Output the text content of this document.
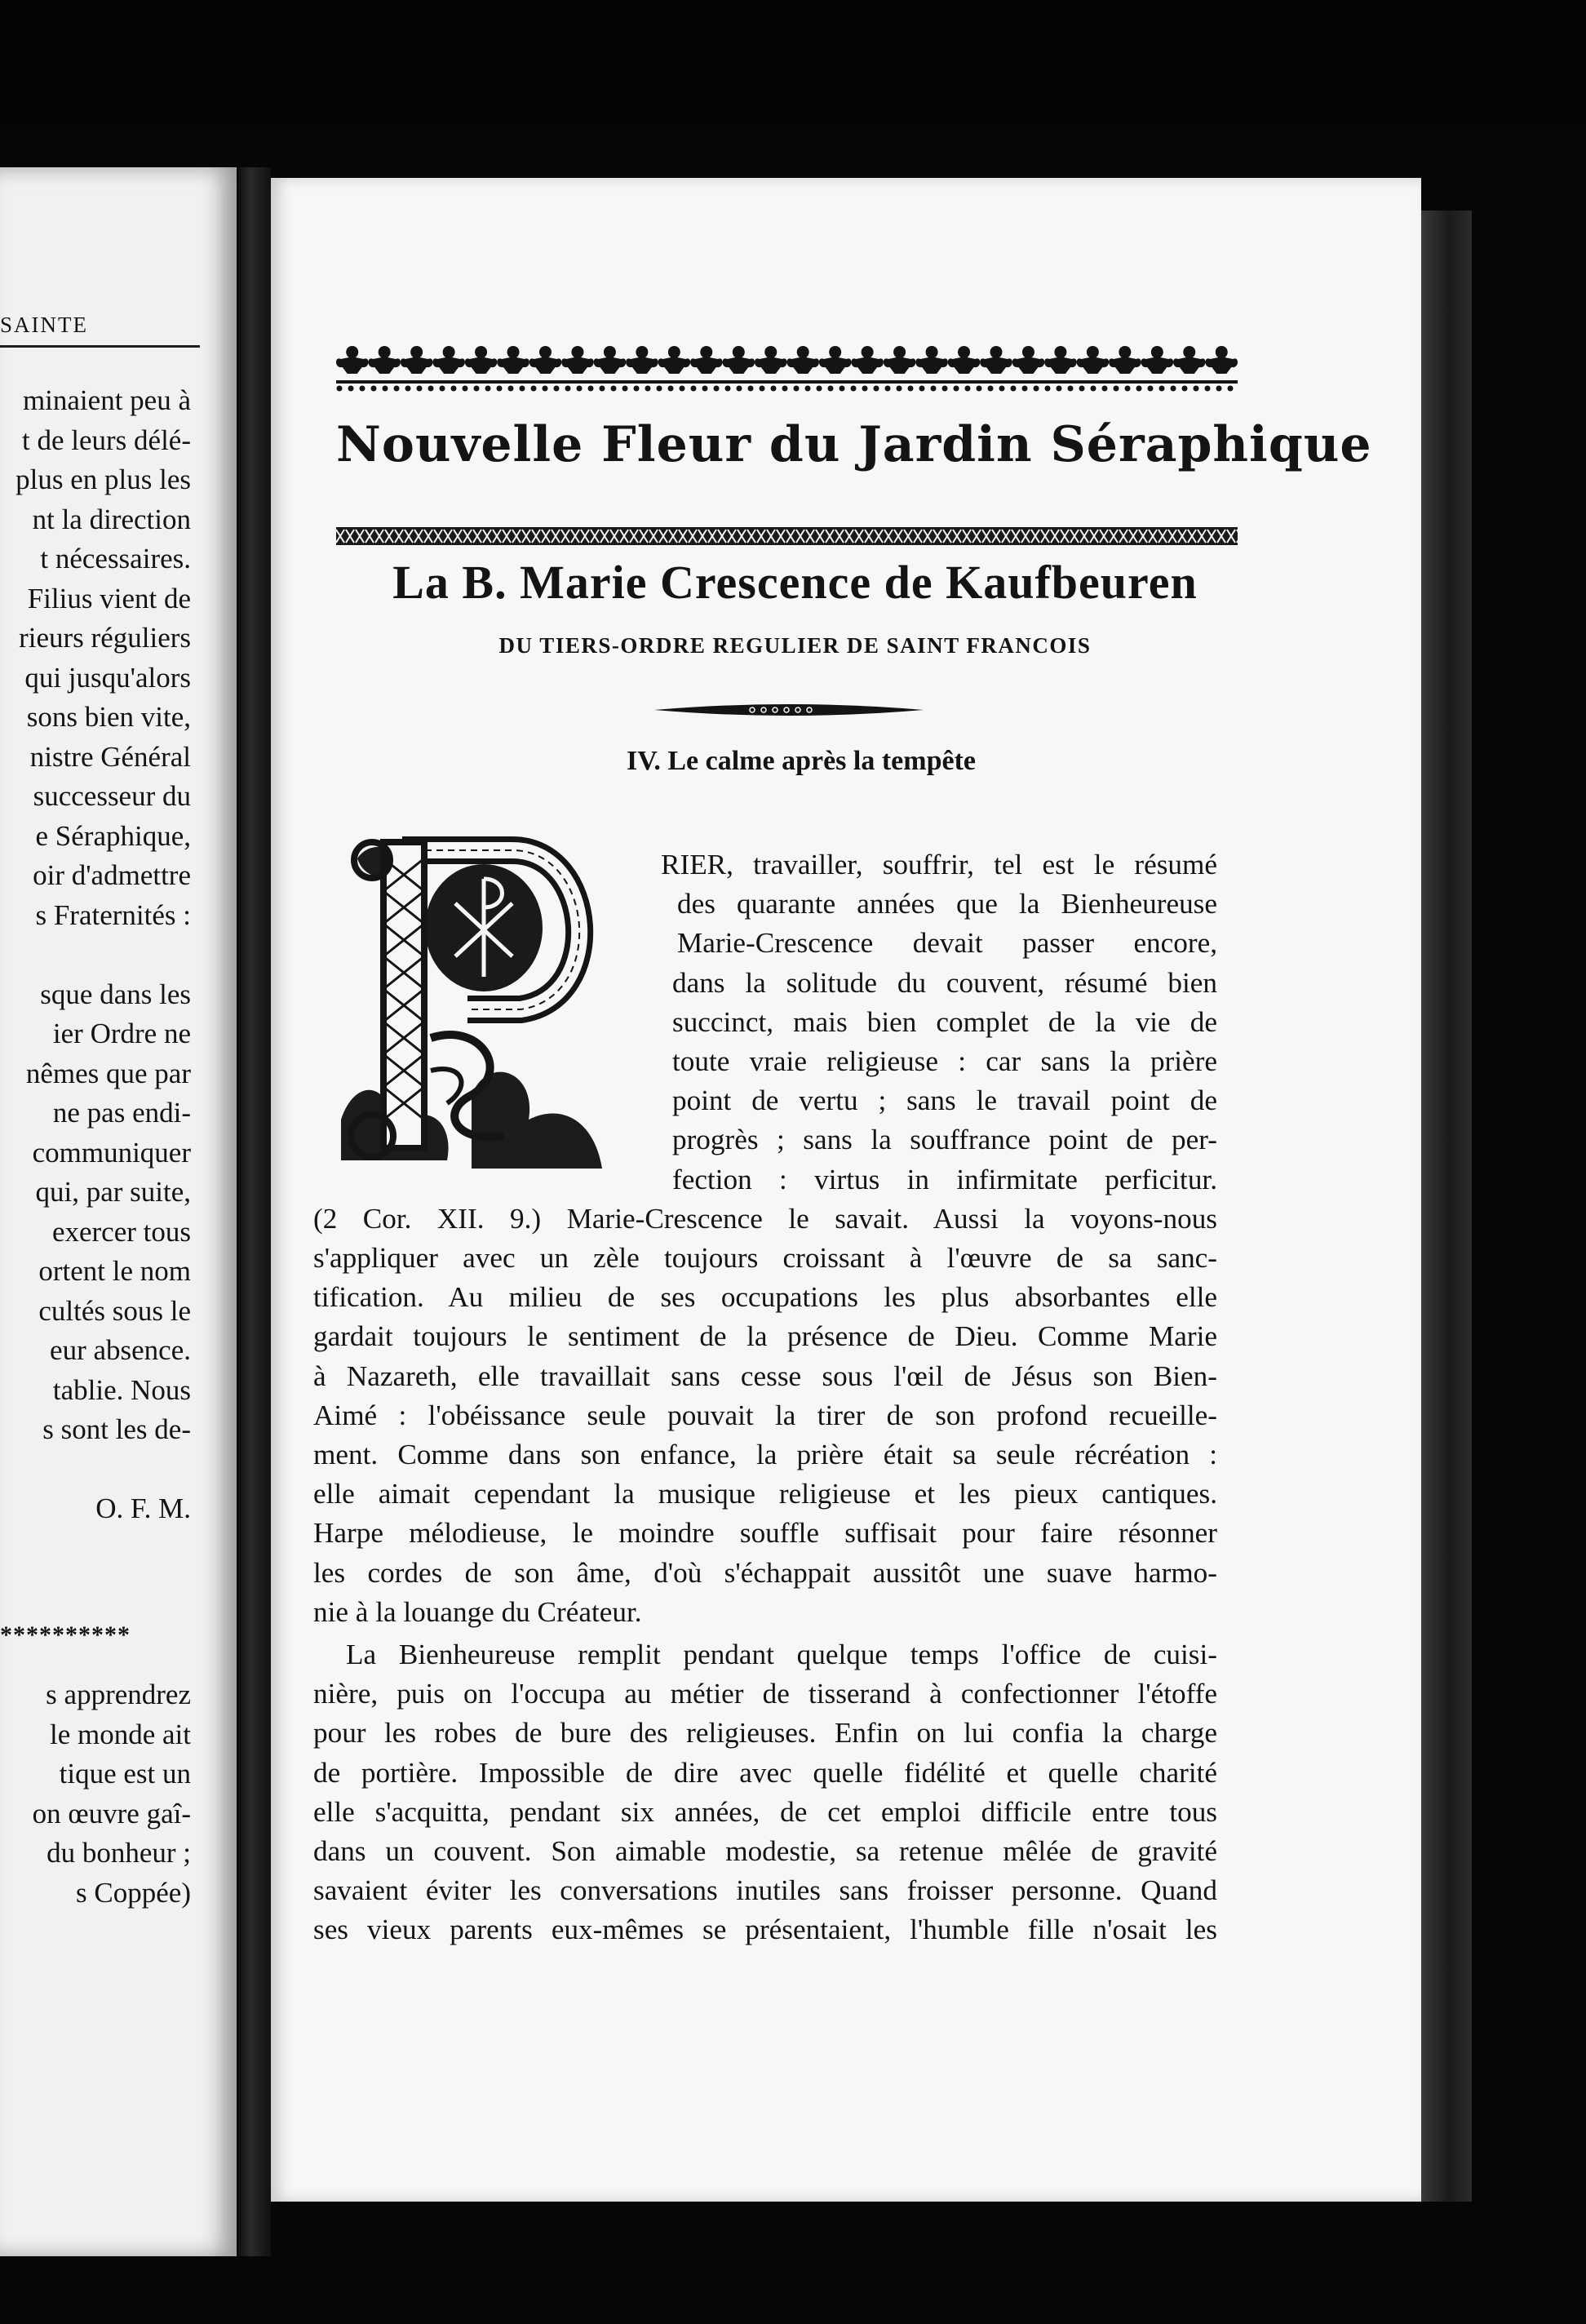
SAINTE
minaient peu à
t de leurs délé-
plus en plus les
nt la direction
t nécessaires.
Filius vient de
rieurs réguliers
qui jusqu'alors
sons bien vite,
nistre Général
successeur du
e Séraphique,
oir d'admettre
s Fraternités :
sque dans les
ier Ordre ne
nêmes que par
ne pas endi-
communiquer
qui, par suite,
exercer tous
ortent le nom
cultés sous le
eur absence.
tablie. Nous
s sont les de-
O. F. M.
**********
s apprendrez
le monde ait
tique est un
on œuvre gaî-
du bonheur ;
s Coppée)
Nouvelle Fleur du Jardin Séraphique
La B. Marie Crescence de Kaufbeuren
DU TIERS-ORDRE REGULIER DE SAINT FRANCOIS
IV. Le calme après la tempête
RIER, travailler, souffrir, tel est le résumé
des quarante années que la Bienheureuse
Marie-Crescence devait passer encore,
dans la solitude du couvent, résumé bien
succinct, mais bien complet de la vie de
toute vraie religieuse : car sans la prière
point de vertu ; sans le travail point de
progrès ; sans la souffrance point de per-
fection : virtus in infirmitate perficitur.
(2 Cor. XII. 9.) Marie-Crescence le savait. Aussi la voyons-nous
s'appliquer avec un zèle toujours croissant à l'œuvre de sa sanc-
tification. Au milieu de ses occupations les plus absorbantes elle
gardait toujours le sentiment de la présence de Dieu. Comme Marie
à Nazareth, elle travaillait sans cesse sous l'œil de Jésus son Bien-
Aimé : l'obéissance seule pouvait la tirer de son profond recueille-
ment. Comme dans son enfance, la prière était sa seule récréation :
elle aimait cependant la musique religieuse et les pieux cantiques.
Harpe mélodieuse, le moindre souffle suffisait pour faire résonner
les cordes de son âme, d'où s'échappait aussitôt une suave harmo-
nie à la louange du Créateur.
La Bienheureuse remplit pendant quelque temps l'office de cuisi-
nière, puis on l'occupa au métier de tisserand à confectionner l'étoffe
pour les robes de bure des religieuses. Enfin on lui confia la charge
de portière. Impossible de dire avec quelle fidélité et quelle charité
elle s'acquitta, pendant six années, de cet emploi difficile entre tous
dans un couvent. Son aimable modestie, sa retenue mêlée de gravité
savaient éviter les conversations inutiles sans froisser personne. Quand
ses vieux parents eux-mêmes se présentaient, l'humble fille n'osait les
